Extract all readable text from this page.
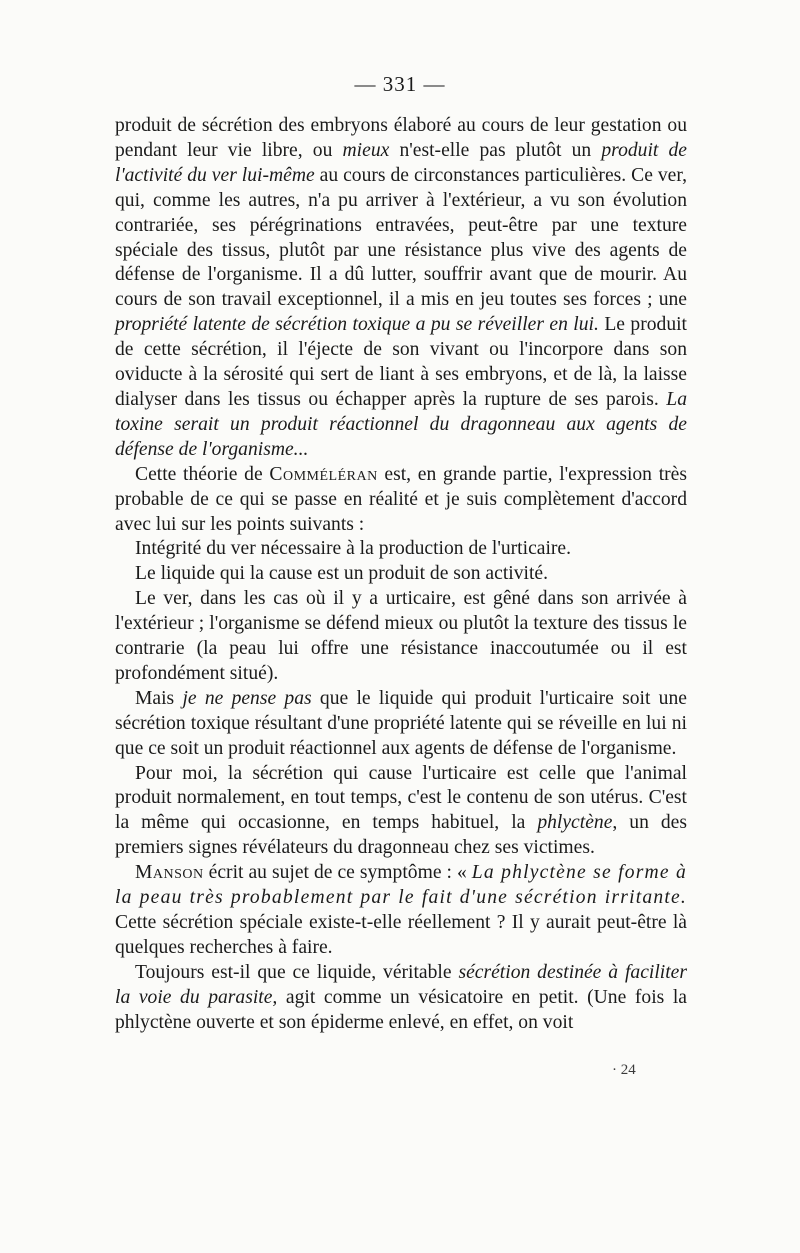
— 331 —

produit de sécrétion des embryons élaboré au cours de leur gestation ou pendant leur vie libre, ou mieux n'est-elle pas plutôt un produit de l'activité du ver lui-même au cours de circonstances particulières. Ce ver, qui, comme les autres, n'a pu arriver à l'extérieur, a vu son évolution contrariée, ses pérégrinations entravées, peut-être par une texture spéciale des tissus, plutôt par une résistance plus vive des agents de défense de l'organisme. Il a dû lutter, souffrir avant que de mourir. Au cours de son travail exceptionnel, il a mis en jeu toutes ses forces ; une propriété latente de sécrétion toxique a pu se réveiller en lui. Le produit de cette sécrétion, il l'éjecte de son vivant ou l'incorpore dans son oviducte à la sérosité qui sert de liant à ses embryons, et de là, la laisse dialyser dans les tissus ou échapper après la rupture de ses parois. La toxine serait un produit réactionnel du dragonneau aux agents de défense de l'organisme...

Cette théorie de Comméléran est, en grande partie, l'expression très probable de ce qui se passe en réalité et je suis complètement d'accord avec lui sur les points suivants :

Intégrité du ver nécessaire à la production de l'urticaire.

Le liquide qui la cause est un produit de son activité.

Le ver, dans les cas où il y a urticaire, est gêné dans son arrivée à l'extérieur ; l'organisme se défend mieux ou plutôt la texture des tissus le contrarie (la peau lui offre une résistance inaccoutumée ou il est profondément situé).

Mais je ne pense pas que le liquide qui produit l'urticaire soit une sécrétion toxique résultant d'une propriété latente qui se réveille en lui ni que ce soit un produit réactionnel aux agents de défense de l'organisme.

Pour moi, la sécrétion qui cause l'urticaire est celle que l'animal produit normalement, en tout temps, c'est le contenu de son utérus. C'est la même qui occasionne, en temps habituel, la phlyctène, un des premiers signes révélateurs du dragonneau chez ses victimes.

Manson écrit au sujet de ce symptôme : « La phlyctène se forme à la peau très probablement par le fait d'une sécrétion irritante. Cette sécrétion spéciale existe-t-elle réellement ? Il y aurait peut-être là quelques recherches à faire.

Toujours est-il que ce liquide, véritable sécrétion destinée à faciliter la voie du parasite, agit comme un vésicatoire en petit. (Une fois la phlyctène ouverte et son épiderme enlevé, en effet, on voit

· 24
